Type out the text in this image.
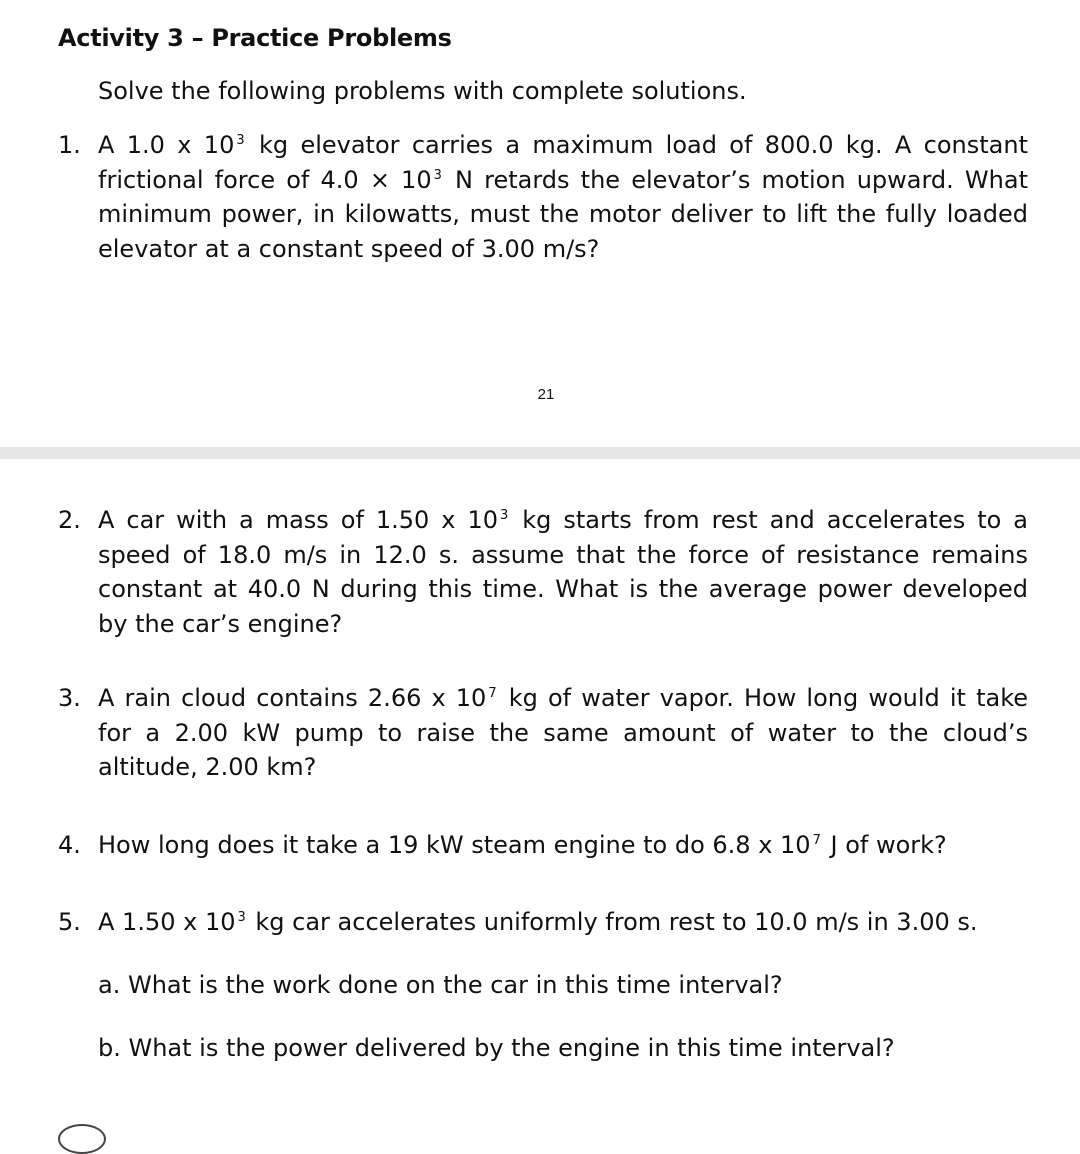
Activity 3 – Practice Problems

Solve the following problems with complete solutions.

1. A 1.0 x 10 $^3$ kg elevator carries a maximum load of 800.0 kg. A constant frictional force of 4.0 × 10 $^3$ N retards the elevator’s motion upward. What minimum power, in kilowatts, must the motor deliver to lift the fully loaded elevator at a constant speed of 3.00 m/s?
21
2. A car with a mass of 1.50 x 10 $^3$ kg starts from rest and accelerates to a speed of 18.0 m/s in 12.0 s. assume that the force of resistance remains constant at 40.0 N during this time. What is the average power developed by the car’s engine?
3. A rain cloud contains 2.66 x 10 $^7$ kg of water vapor. How long would it take for a 2.00 kW pump to raise the same amount of water to the cloud’s altitude, 2.00 km?
4. How long does it take a 19 kW steam engine to do 6.8 x 10 $^7$ J of work?
5. A 1.50 x 10 $^3$ kg car accelerates uniformly from rest to 10.0 m/s in 3.00 s.
a. What is the work done on the car in this time interval?
b. What is the power delivered by the engine in this time interval?
